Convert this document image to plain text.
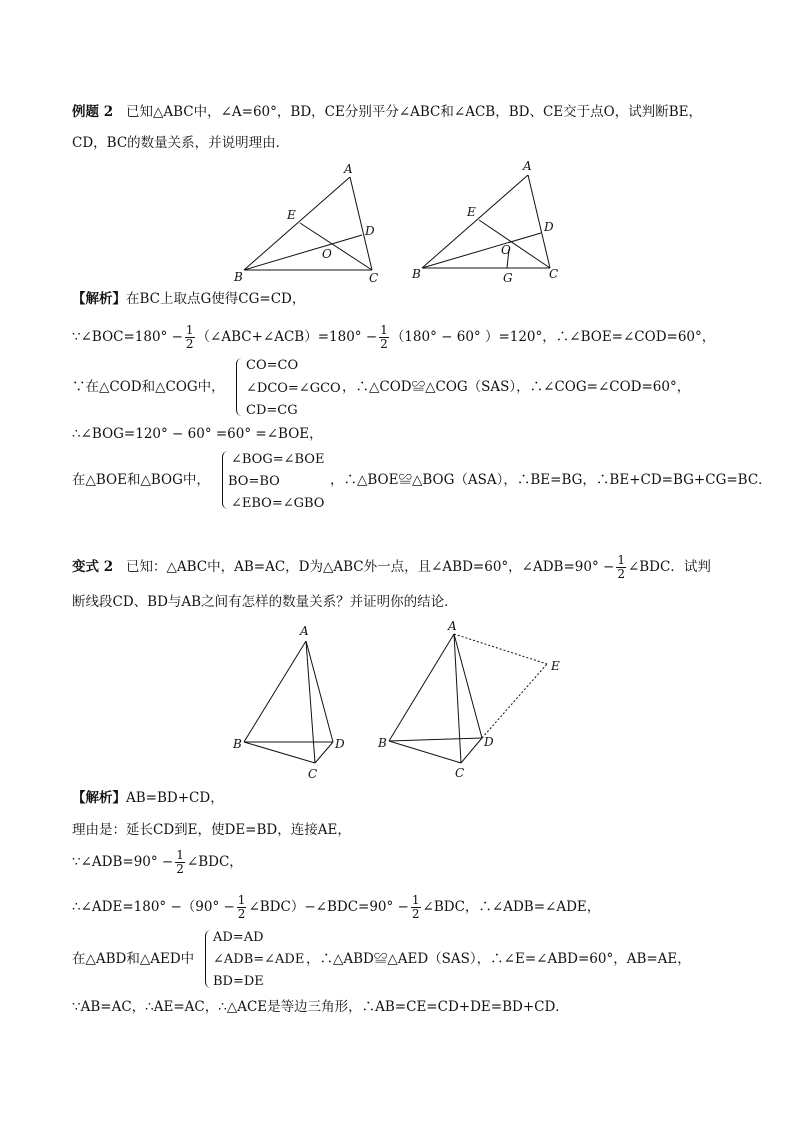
例题 2 已知△ABC中，∠A=60°，BD，CE分别平分∠ABC和∠ACB，BD、CE交于点O，试判断BE，
CD，BC的数量关系，并说明理由．
A
B	C
D
E
O
A
B	C
D
E
O
G
A
B
C
D
A
B
C
D
E
【解析】在BC上取点G使得CG=CD，
∵∠BOC=180° − $\frac{1}{2}$ （∠ABC+∠ACB）=180° − $\frac{1}{2} (180^\circ - 60^\circ$ ）=120°，∴∠BOE=∠COD=60°，
∵在△COD和△COG中，
CO=CO
∠DCO=∠GCO
CD=CG
，∴△COD≌△COG（SAS），∴∠COG=∠COD=60°，
∴∠BOG=120° − 60° =60° =∠BOE，
在△BOE和△BOG中，
∠BOG=∠BOE
BO=BO
∠EBO=∠GBO
，∴△BOE≌△BOG（ASA），∴BE=BG，∴BE+CD=BG+CG=BC．
变式 2 已知：△ABC中，AB=AC，D为△ABC外一点，且∠ABD=60°，∠ADB=90° − $\frac{1}{2}$ ∠BDC．试判
断线段CD、BD与AB之间有怎样的数量关系？并证明你的结论．
【解析】AB=BD+CD，
理由是：延长CD到E，使DE=BD，连接AE，
∵∠ADB=90° − $\frac{1}{2}$ ∠BDC，
∴∠ADE=180° $-(90^\circ - \frac{1}{2}$ ∠BDC）−∠BDC=90° − $\frac{1}{2}$ ∠BDC，∴∠ADB=∠ADE，
在△ABD和△AED中
AD=AD
∠ADB=∠ADE
BD=DE
，∴△ABD≌△AED（SAS），∴∠E=∠ABD=60°，AB=AE，
∵AB=AC，∴AE=AC，∴△ACE是等边三角形，∴AB=CE=CD+DE=BD+CD．
